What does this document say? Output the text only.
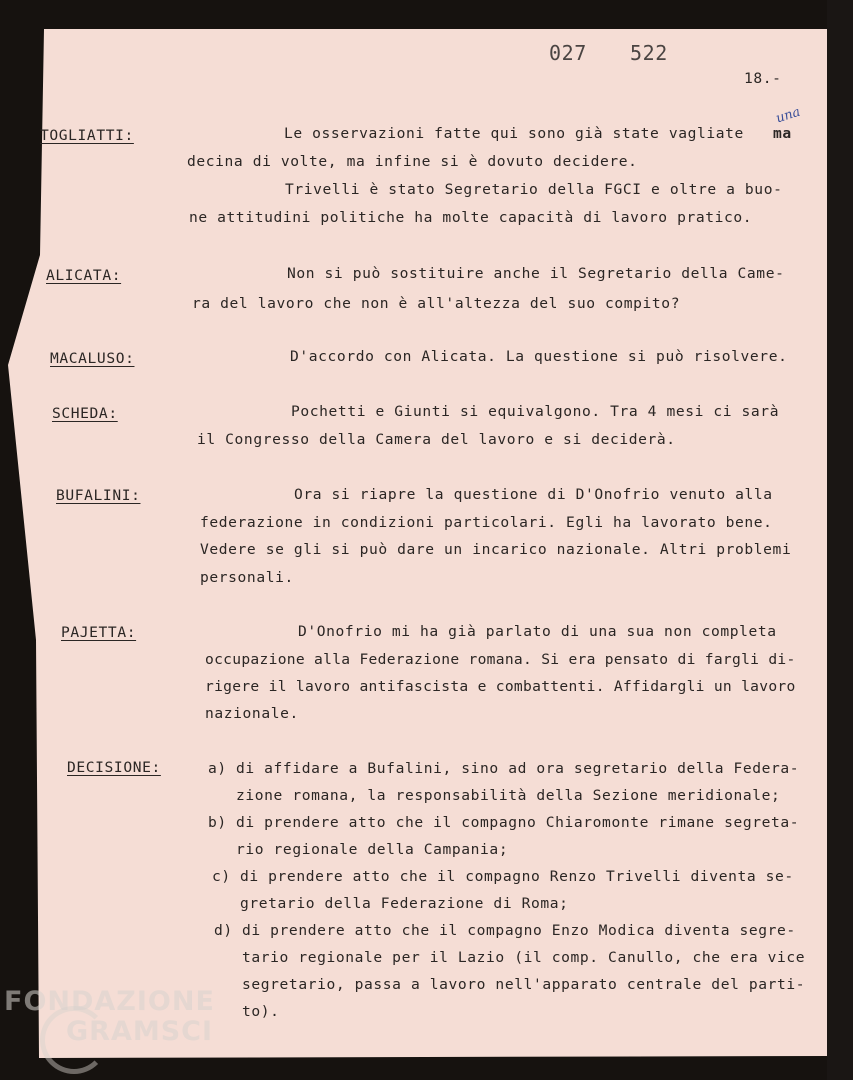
027 522
18.-
una
TOGLIATTI:	Le osservazioni fatte qui sono già state vagliate ma
decina di volte, ma infine si è dovuto decidere.
Trivelli è stato Segretario della FGCI e oltre a buo-
ne attitudini politiche ha molte capacità di lavoro pratico.
ALICATA:	Non si può sostituire anche il Segretario della Came-
ra del lavoro che non è all'altezza del suo compito?
MACALUSO:	D'accordo con Alicata. La questione si può risolvere.
SCHEDA:	Pochetti e Giunti si equivalgono. Tra 4 mesi ci sarà
il Congresso della Camera del lavoro e si deciderà.
BUFALINI:	Ora si riapre la questione di D'Onofrio venuto alla
federazione in condizioni particolari. Egli ha lavorato bene.
Vedere se gli si può dare un incarico nazionale. Altri problemi
personali.
PAJETTA:	D'Onofrio mi ha già parlato di una sua non completa
occupazione alla Federazione romana. Si era pensato di fargli di-
rigere il lavoro antifascista e combattenti. Affidargli un lavoro
nazionale.
DECISIONE:	a) di affidare a Bufalini, sino ad ora segretario della Federa-
zione romana, la responsabilità della Sezione meridionale;
b) di prendere atto che il compagno Chiaromonte rimane segreta-
rio regionale della Campania;
c) di prendere atto che il compagno Renzo Trivelli diventa se-
gretario della Federazione di Roma;
d) di prendere atto che il compagno Enzo Modica diventa segre-
tario regionale per il Lazio (il comp. Canullo, che era vice
segretario, passa a lavoro nell'apparato centrale del parti-
to).
FONDAZIONE
GRAMSCI
